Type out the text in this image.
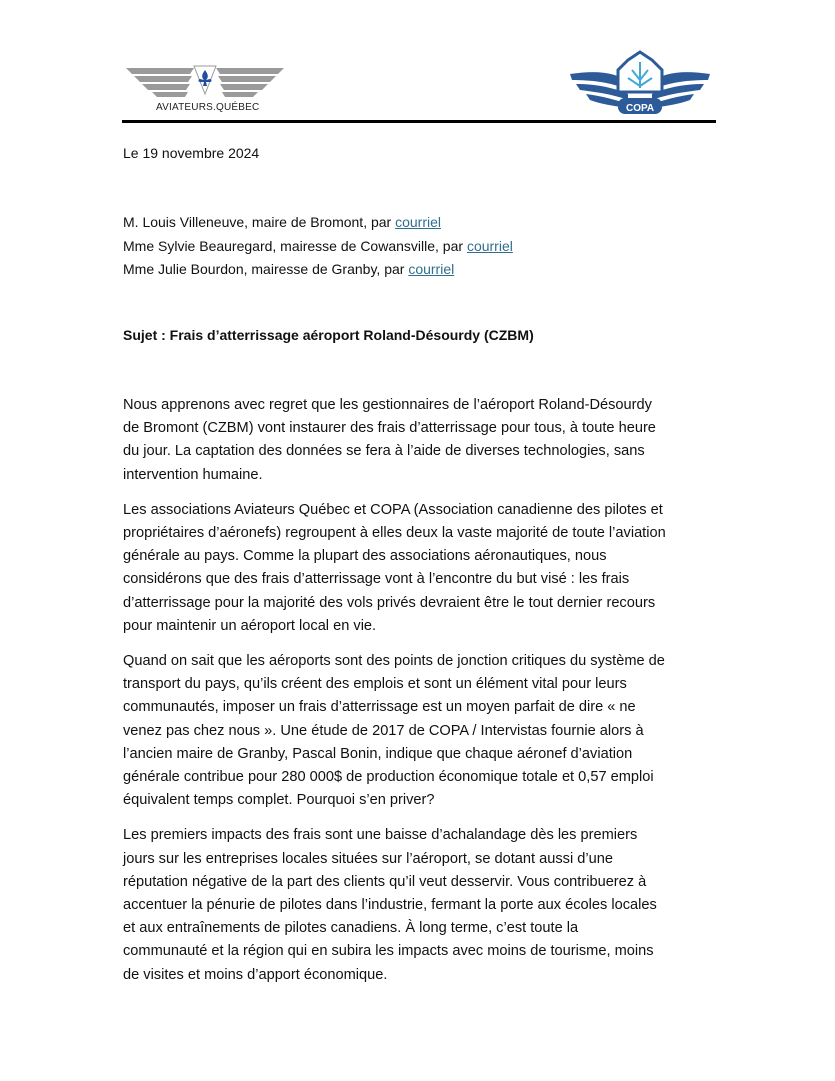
AVIATEURS.QUÉBEC	COPA
Le 19 novembre 2024
M. Louis Villeneuve, maire de Bromont, par courriel
Mme Sylvie Beauregard, mairesse de Cowansville, par courriel
Mme Julie Bourdon, mairesse de Granby, par courriel
Sujet : Frais d’atterrissage aéroport Roland-Désourdy (CZBM)

Nous apprenons avec regret que les gestionnaires de l’aéroport Roland-Désourdy
de Bromont (CZBM) vont instaurer des frais d’atterrissage pour tous, à toute heure
du jour. La captation des données se fera à l’aide de diverses technologies, sans
intervention humaine.

Les associations Aviateurs Québec et COPA (Association canadienne des pilotes et
propriétaires d’aéronefs) regroupent à elles deux la vaste majorité de toute l’aviation
générale au pays. Comme la plupart des associations aéronautiques, nous
considérons que des frais d’atterrissage vont à l’encontre du but visé : les frais
d’atterrissage pour la majorité des vols privés devraient être le tout dernier recours
pour maintenir un aéroport local en vie.

Quand on sait que les aéroports sont des points de jonction critiques du système de
transport du pays, qu’ils créent des emplois et sont un élément vital pour leurs
communautés, imposer un frais d’atterrissage est un moyen parfait de dire « ne
venez pas chez nous ». Une étude de 2017 de COPA / Intervistas fournie alors à
l’ancien maire de Granby, Pascal Bonin, indique que chaque aéronef d’aviation
générale contribue pour 280 000$ de production économique totale et 0,57 emploi
équivalent temps complet. Pourquoi s’en priver?

Les premiers impacts des frais sont une baisse d’achalandage dès les premiers
jours sur les entreprises locales situées sur l’aéroport, se dotant aussi d’une
réputation négative de la part des clients qu’il veut desservir. Vous contribuerez à
accentuer la pénurie de pilotes dans l’industrie, fermant la porte aux écoles locales
et aux entraînements de pilotes canadiens. À long terme, c’est toute la
communauté et la région qui en subira les impacts avec moins de tourisme, moins
de visites et moins d’apport économique.
